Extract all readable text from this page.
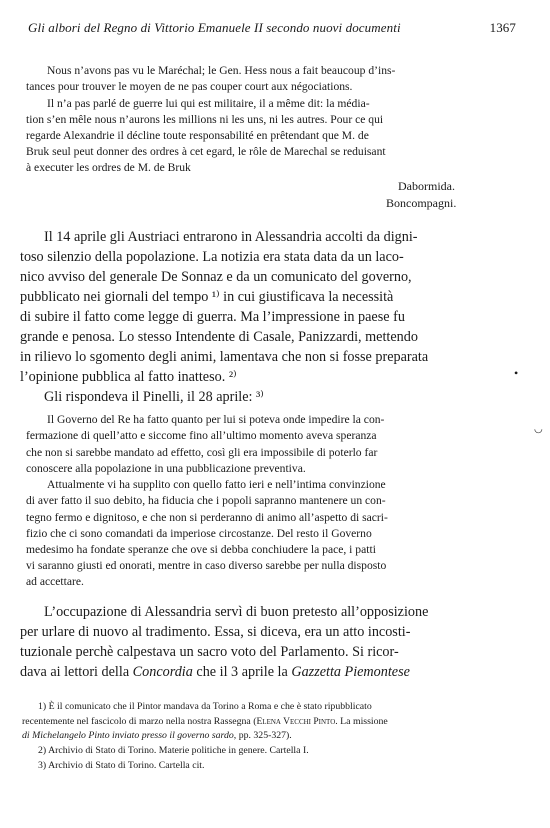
Gli albori del Regno di Vittorio Emanuele II secondo nuovi documenti	1367
Nous n’avons pas vu le Maréchal; le Gen. Hess nous a fait beaucoup d’ins-
tances pour trouver le moyen de ne pas couper court aux négociations.
Il n’a pas parlé de guerre lui qui est militaire, il a même dit: la média-
tion s’en mêle nous n’aurons les millions ni les uns, ni les autres. Pour ce qui
regarde Alexandrie il décline toute responsabilité en prêtendant que M. de
Bruk seul peut donner des ordres à cet egard, le rôle de Marechal se reduisant
à executer les ordres de M. de Bruk
Dabormida.
Boncompagni.
Il 14 aprile gli Austriaci entrarono in Alessandria accolti da digni-
toso silenzio della popolazione. La notizia era stata data da un laco-
nico avviso del generale De Sonnaz e da un comunicato del governo,
pubblicato nei giornali del tempo ¹⁾ in cui giustificava la necessità
di subire il fatto come legge di guerra. Ma l’impressione in paese fu
grande e penosa. Lo stesso Intendente di Casale, Panizzardi, mettendo
in rilievo lo sgomento degli animi, lamentava che non si fosse preparata
l’opinione pubblica al fatto inatteso. ²⁾
Gli rispondeva il Pinelli, il 28 aprile: ³⁾
Il Governo del Re ha fatto quanto per lui si poteva onde impedire la con-
fermazione di quell’atto e siccome fino all’ultimo momento aveva speranza
che non si sarebbe mandato ad effetto, così gli era impossibile di poterlo far
conoscere alla popolazione in una pubblicazione preventiva.
Attualmente vi ha supplito con quello fatto ieri e nell’intima convinzione
di aver fatto il suo debito, ha fiducia che i popoli sapranno mantenere un con-
tegno fermo e dignitoso, e che non si perderanno di animo all’aspetto di sacri-
fizio che ci sono comandati da imperiose circostanze. Del resto il Governo
medesimo ha fondate speranze che ove si debba conchiudere la pace, i patti
vi saranno giusti ed onorati, mentre in caso diverso sarebbe per nulla disposto
ad accettare.
L’occupazione di Alessandria servì di buon pretesto all’opposizione
per urlare di nuovo al tradimento. Essa, si diceva, era un atto incosti-
tuzionale perchè calpestava un sacro voto del Parlamento. Si ricor-
dava ai lettori della Concordia che il 3 aprile la Gazzetta Piemontese
1) È il comunicato che il Pintor mandava da Torino a Roma e che è stato ripubblicato
recentemente nel fascicolo di marzo nella nostra Rassegna (Elena Vecchi Pinto. La missione
di Michelangelo Pinto inviato presso il governo sardo, pp. 325-327).
2) Archivio di Stato di Torino. Materie politiche in genere. Cartella I.
3) Archivio di Stato di Torino. Cartella cit.
•
◡
